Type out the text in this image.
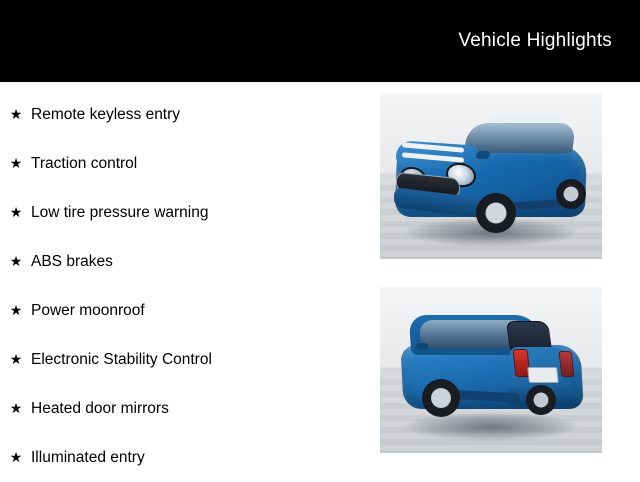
Vehicle Highlights
★ Remote keyless entry
★ Traction control
★ Low tire pressure warning
★ ABS brakes
★ Power moonroof
★ Electronic Stability Control
★ Heated door mirrors
★ Illuminated entry
